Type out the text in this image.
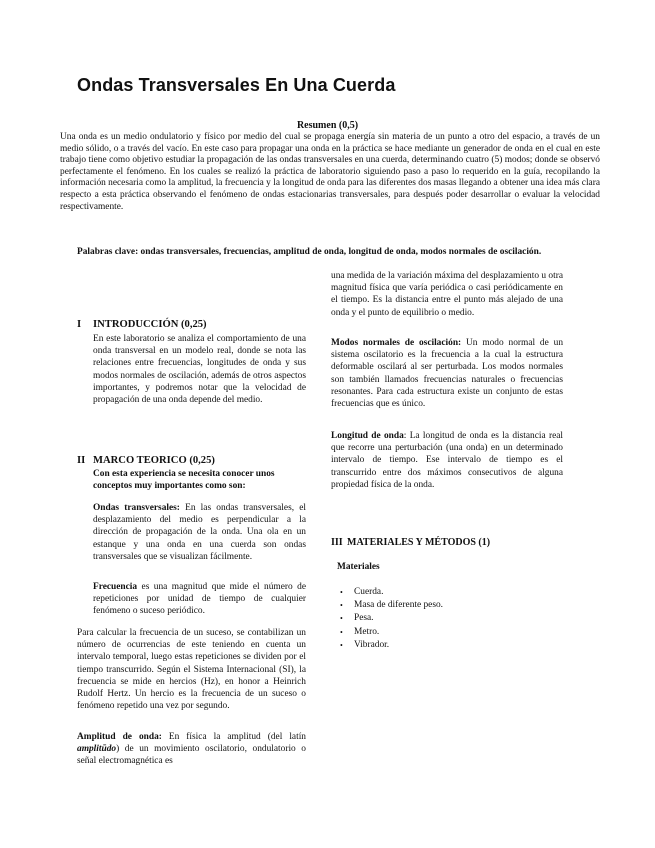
Ondas Transversales En Una Cuerda
Resumen (0,5)
Una onda es un medio ondulatorio y físico por medio del cual se propaga energía sin materia de un punto a otro del espacio, a través de un medio sólido, o a través del vacío. En este caso para propagar una onda en la práctica se hace mediante un generador de onda en el cual en este trabajo tiene como objetivo estudiar la propagación de las ondas transversales en una cuerda, determinando cuatro (5) modos; donde se observó perfectamente el fenómeno. En los cuales se realizó la práctica de laboratorio siguiendo paso a paso lo requerido en la guía, recopilando la información necesaria como la amplitud, la frecuencia y la longitud de onda para las diferentes dos masas llegando a obtener una idea más clara respecto a esta práctica observando el fenómeno de ondas estacionarias transversales, para después poder desarrollar o evaluar la velocidad respectivamente.
Palabras clave: ondas transversales, frecuencias, amplitud de onda, longitud de onda, modos normales de oscilación.
I INTRODUCCIÓN (0,25)
En este laboratorio se analiza el comportamiento de una onda transversal en un modelo real, donde se nota las relaciones entre frecuencias, longitudes de onda y sus modos normales de oscilación, además de otros aspectos importantes, y podremos notar que la velocidad de propagación de una onda depende del medio.
II MARCO TEORICO (0,25)
Con esta experiencia se necesita conocer unos conceptos muy importantes como son:
Ondas transversales: En las ondas transversales, el desplazamiento del medio es perpendicular a la dirección de propagación de la onda. Una ola en un estanque y una onda en una cuerda son ondas transversales que se visualizan fácilmente.
Frecuencia es una magnitud que mide el número de repeticiones por unidad de tiempo de cualquier fenómeno o suceso periódico.
Para calcular la frecuencia de un suceso, se contabilizan un número de ocurrencias de este teniendo en cuenta un intervalo temporal, luego estas repeticiones se dividen por el tiempo transcurrido. Según el Sistema Internacional (SI), la frecuencia se mide en hercios (Hz), en honor a Heinrich Rudolf Hertz. Un hercio es la frecuencia de un suceso o fenómeno repetido una vez por segundo.
Amplitud de onda: En física la amplitud (del latín amplitūdo) de un movimiento oscilatorio, ondulatorio o señal electromagnética es
una medida de la variación máxima del desplazamiento u otra magnitud física que varía periódica o casi periódicamente en el tiempo. Es la distancia entre el punto más alejado de una onda y el punto de equilibrio o medio.
Modos normales de oscilación: Un modo normal de un sistema oscilatorio es la frecuencia a la cual la estructura deformable oscilará al ser perturbada. Los modos normales son también llamados frecuencias naturales o frecuencias resonantes. Para cada estructura existe un conjunto de estas frecuencias que es único.
Longitud de onda: La longitud de onda es la distancia real que recorre una perturbación (una onda) en un determinado intervalo de tiempo. Ese intervalo de tiempo es el transcurrido entre dos máximos consecutivos de alguna propiedad física de la onda.
III MATERIALES Y MÉTODOS (1)
Materiales
• Cuerda.
• Masa de diferente peso.
• Pesa.
• Metro.
• Vibrador.
